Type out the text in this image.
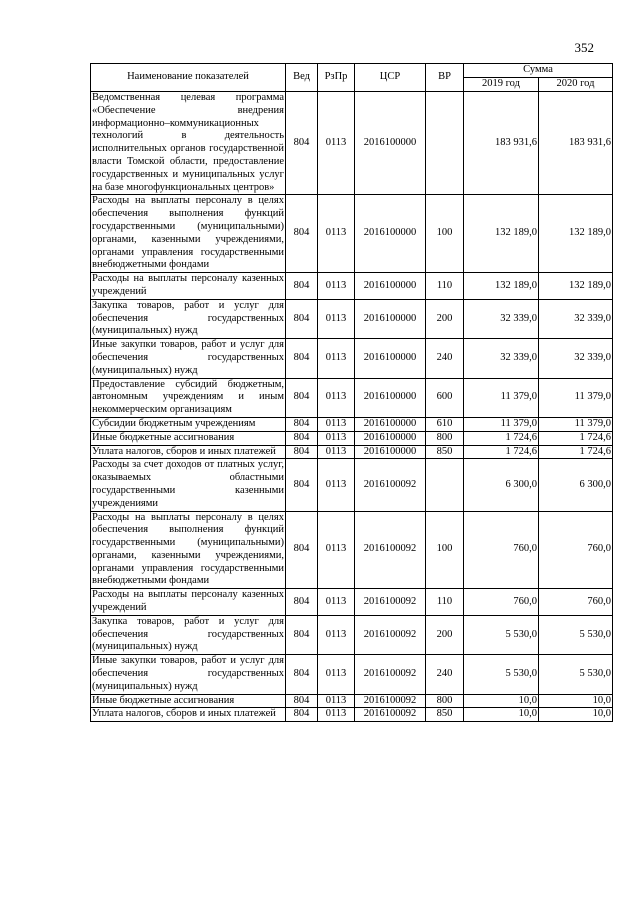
352
Наименование показателей	Вед	РзПр	ЦСР	ВР	Сумма	
					2019 год	2020 год
Ведомственная целевая программа «Обеспечение внедрения информационно–коммуникационных технологий в деятельность исполнительных органов государственной власти Томской области, предоставление государственных и муниципальных услуг на базе многофункциональных центров»	804	0113	2016100000		183 931,6	183 931,6
Расходы на выплаты персоналу в целях обеспечения выполнения функций государственными (муниципальными) органами, казенными учреждениями, органами управления государственными внебюджетными фондами	804	0113	2016100000	100	132 189,0	132 189,0
Расходы на выплаты персоналу казенных учреждений	804	0113	2016100000	110	132 189,0	132 189,0
Закупка товаров, работ и услуг для обеспечения государственных (муниципальных) нужд	804	0113	2016100000	200	32 339,0	32 339,0
Иные закупки товаров, работ и услуг для обеспечения государственных (муниципальных) нужд	804	0113	2016100000	240	32 339,0	32 339,0
Предоставление субсидий бюджетным, автономным учреждениям и иным некоммерческим организациям	804	0113	2016100000	600	11 379,0	11 379,0
Субсидии бюджетным учреждениям	804	0113	2016100000	610	11 379,0	11 379,0
Иные бюджетные ассигнования	804	0113	2016100000	800	1 724,6	1 724,6
Уплата налогов, сборов и иных платежей	804	0113	2016100000	850	1 724,6	1 724,6
Расходы за счет доходов от платных услуг, оказываемых областными государственными казенными учреждениями	804	0113	2016100092		6 300,0	6 300,0
Расходы на выплаты персоналу в целях обеспечения выполнения функций государственными (муниципальными) органами, казенными учреждениями, органами управления государственными внебюджетными фондами	804	0113	2016100092	100	760,0	760,0
Расходы на выплаты персоналу казенных учреждений	804	0113	2016100092	110	760,0	760,0
Закупка товаров, работ и услуг для обеспечения государственных (муниципальных) нужд	804	0113	2016100092	200	5 530,0	5 530,0
Иные закупки товаров, работ и услуг для обеспечения государственных (муниципальных) нужд	804	0113	2016100092	240	5 530,0	5 530,0
Иные бюджетные ассигнования	804	0113	2016100092	800	10,0	10,0
Уплата налогов, сборов и иных платежей	804	0113	2016100092	850	10,0	10,0
